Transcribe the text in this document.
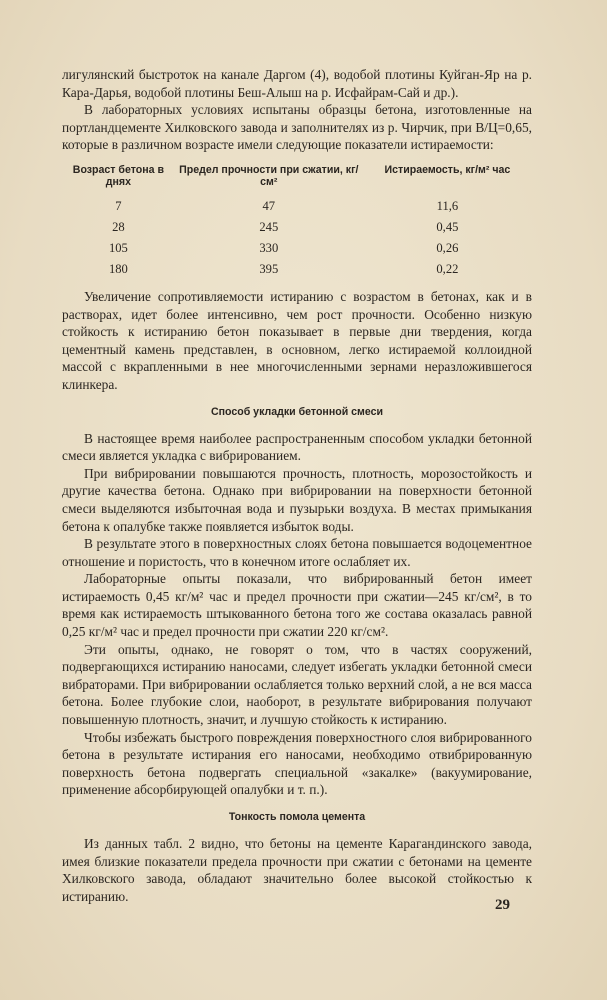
лигулянский быстроток на канале Даргом (4), водобой плотины Куйган-Яр на р. Кара-Дарья, водобой плотины Беш-Алыш на р. Исфайрам-Сай и др.).

В лабораторных условиях испытаны образцы бетона, изготовленные на портландцементе Хилковского завода и заполнителях из р. Чирчик, при В/Ц=0,65, которые в различном возрасте имели следующие показатели истираемости:

Возраст бетона в днях	Предел прочности при сжатии, кг/см²	Истираемость, кг/м² час
7	47	11,6
28	245	0,45
105	330	0,26
180	395	0,22

Увеличение сопротивляемости истиранию с возрастом в бетонах, как и в растворах, идет более интенсивно, чем рост прочности. Особенно низкую стойкость к истиранию бетон показывает в первые дни твердения, когда цементный камень представлен, в основном, легко истираемой коллоидной массой с вкрапленными в нее многочисленными зернами неразложившегося клинкера.

Способ укладки бетонной смеси

В настоящее время наиболее распространенным способом укладки бетонной смеси является укладка с вибрированием.

При вибрировании повышаются прочность, плотность, морозостойкость и другие качества бетона. Однако при вибрировании на поверхности бетонной смеси выделяются избыточная вода и пузырьки воздуха. В местах примыкания бетона к опалубке также появляется избыток воды.

В результате этого в поверхностных слоях бетона повышается водоцементное отношение и пористость, что в конечном итоге ослабляет их.

Лабораторные опыты показали, что вибрированный бетон имеет истираемость 0,45 кг/м² час и предел прочности при сжатии—245 кг/см², в то время как истираемость штыкованного бетона того же состава оказалась равной 0,25 кг/м² час и предел прочности при сжатии 220 кг/см².

Эти опыты, однако, не говорят о том, что в частях сооружений, подвергающихся истиранию наносами, следует избегать укладки бетонной смеси вибраторами. При вибрировании ослабляется только верхний слой, а не вся масса бетона. Более глубокие слои, наоборот, в результате вибрирования получают повышенную плотность, значит, и лучшую стойкость к истиранию.

Чтобы избежать быстрого повреждения поверхностного слоя вибрированного бетона в результате истирания его наносами, необходимо отвибрированную поверхность бетона подвергать специальной «закалке» (вакуумирование, применение абсорбирующей опалубки и т. п.).

Тонкость помола цемента

Из данных табл. 2 видно, что бетоны на цементе Карагандинского завода, имея близкие показатели предела прочности при сжатии с бетонами на цементе Хилковского завода, обладают значительно более высокой стойкостью к истиранию.

29
